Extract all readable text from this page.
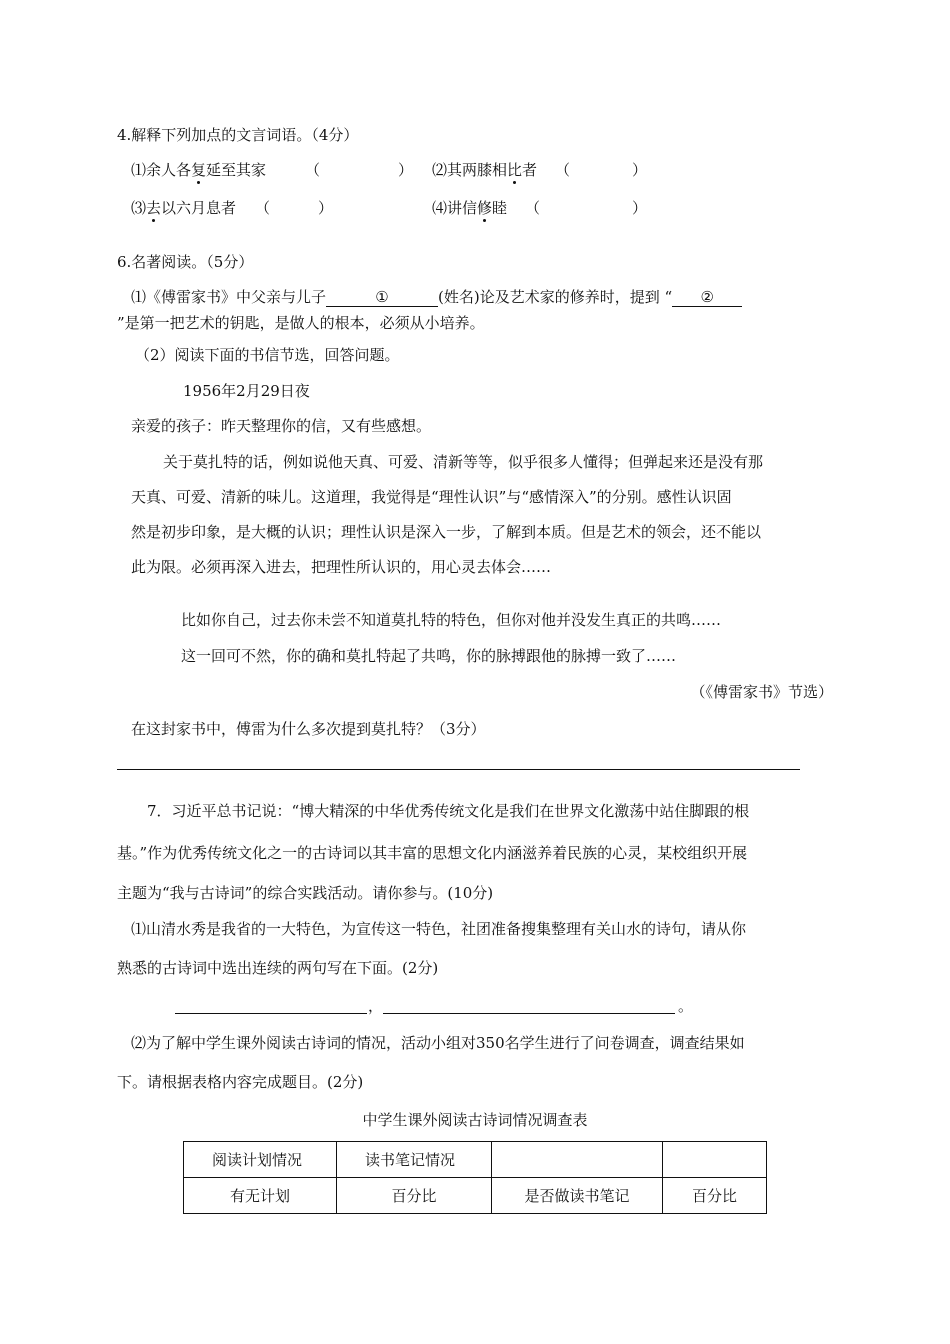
4.解释下列加点的文言词语。（4分）
⑴余人各复延至其家	（	） ⑵其两膝相比者 （	）
⑶去以六月息者 （	）	⑷讲信修睦 （	）
6.名著阅读。（5分）
⑴《傅雷家书》中父亲与儿子	①	(姓名)论及艺术家的修养时，提到 “ ②
”是第一把艺术的钥匙，是做人的根本，必须从小培养。
（2）阅读下面的书信节选，回答问题。
1956年2月29日夜
亲爱的孩子：昨天整理你的信，又有些感想。
关于莫扎特的话，例如说他天真、可爱、清新等等，似乎很多人懂得；但弹起来还是没有那
天真、可爱、清新的味儿。这道理，我觉得是“理性认识”与“感情深入”的分别。感性认识固
然是初步印象，是大概的认识；理性认识是深入一步，了解到本质。但是艺术的领会，还不能以
此为限。必须再深入进去，把理性所认识的，用心灵去体会……
比如你自己，过去你未尝不知道莫扎特的特色，但你对他并没发生真正的共鸣……
这一回可不然，你的确和莫扎特起了共鸣，你的脉搏跟他的脉搏一致了……
（《傅雷家书》节选）
在这封家书中，傅雷为什么多次提到莫扎特？（3分）
7．习近平总书记说：“博大精深的中华优秀传统文化是我们在世界文化激荡中站住脚跟的根
基。”作为优秀传统文化之一的古诗词以其丰富的思想文化内涵滋养着民族的心灵，某校组织开展
主题为“我与古诗词”的综合实践活动。请你参与。(10分)
⑴山清水秀是我省的一大特色，为宣传这一特色，社团准备搜集整理有关山水的诗句，请从你
熟悉的古诗词中选出连续的两句写在下面。(2分)
，	。
⑵为了解中学生课外阅读古诗词的情况，活动小组对350名学生进行了问卷调查，调查结果如
下。请根据表格内容完成题目。(2分)
中学生课外阅读古诗词情况调查表
阅读计划情况	读书笔记情况		
有无计划	百分比	是否做读书笔记	百分比
